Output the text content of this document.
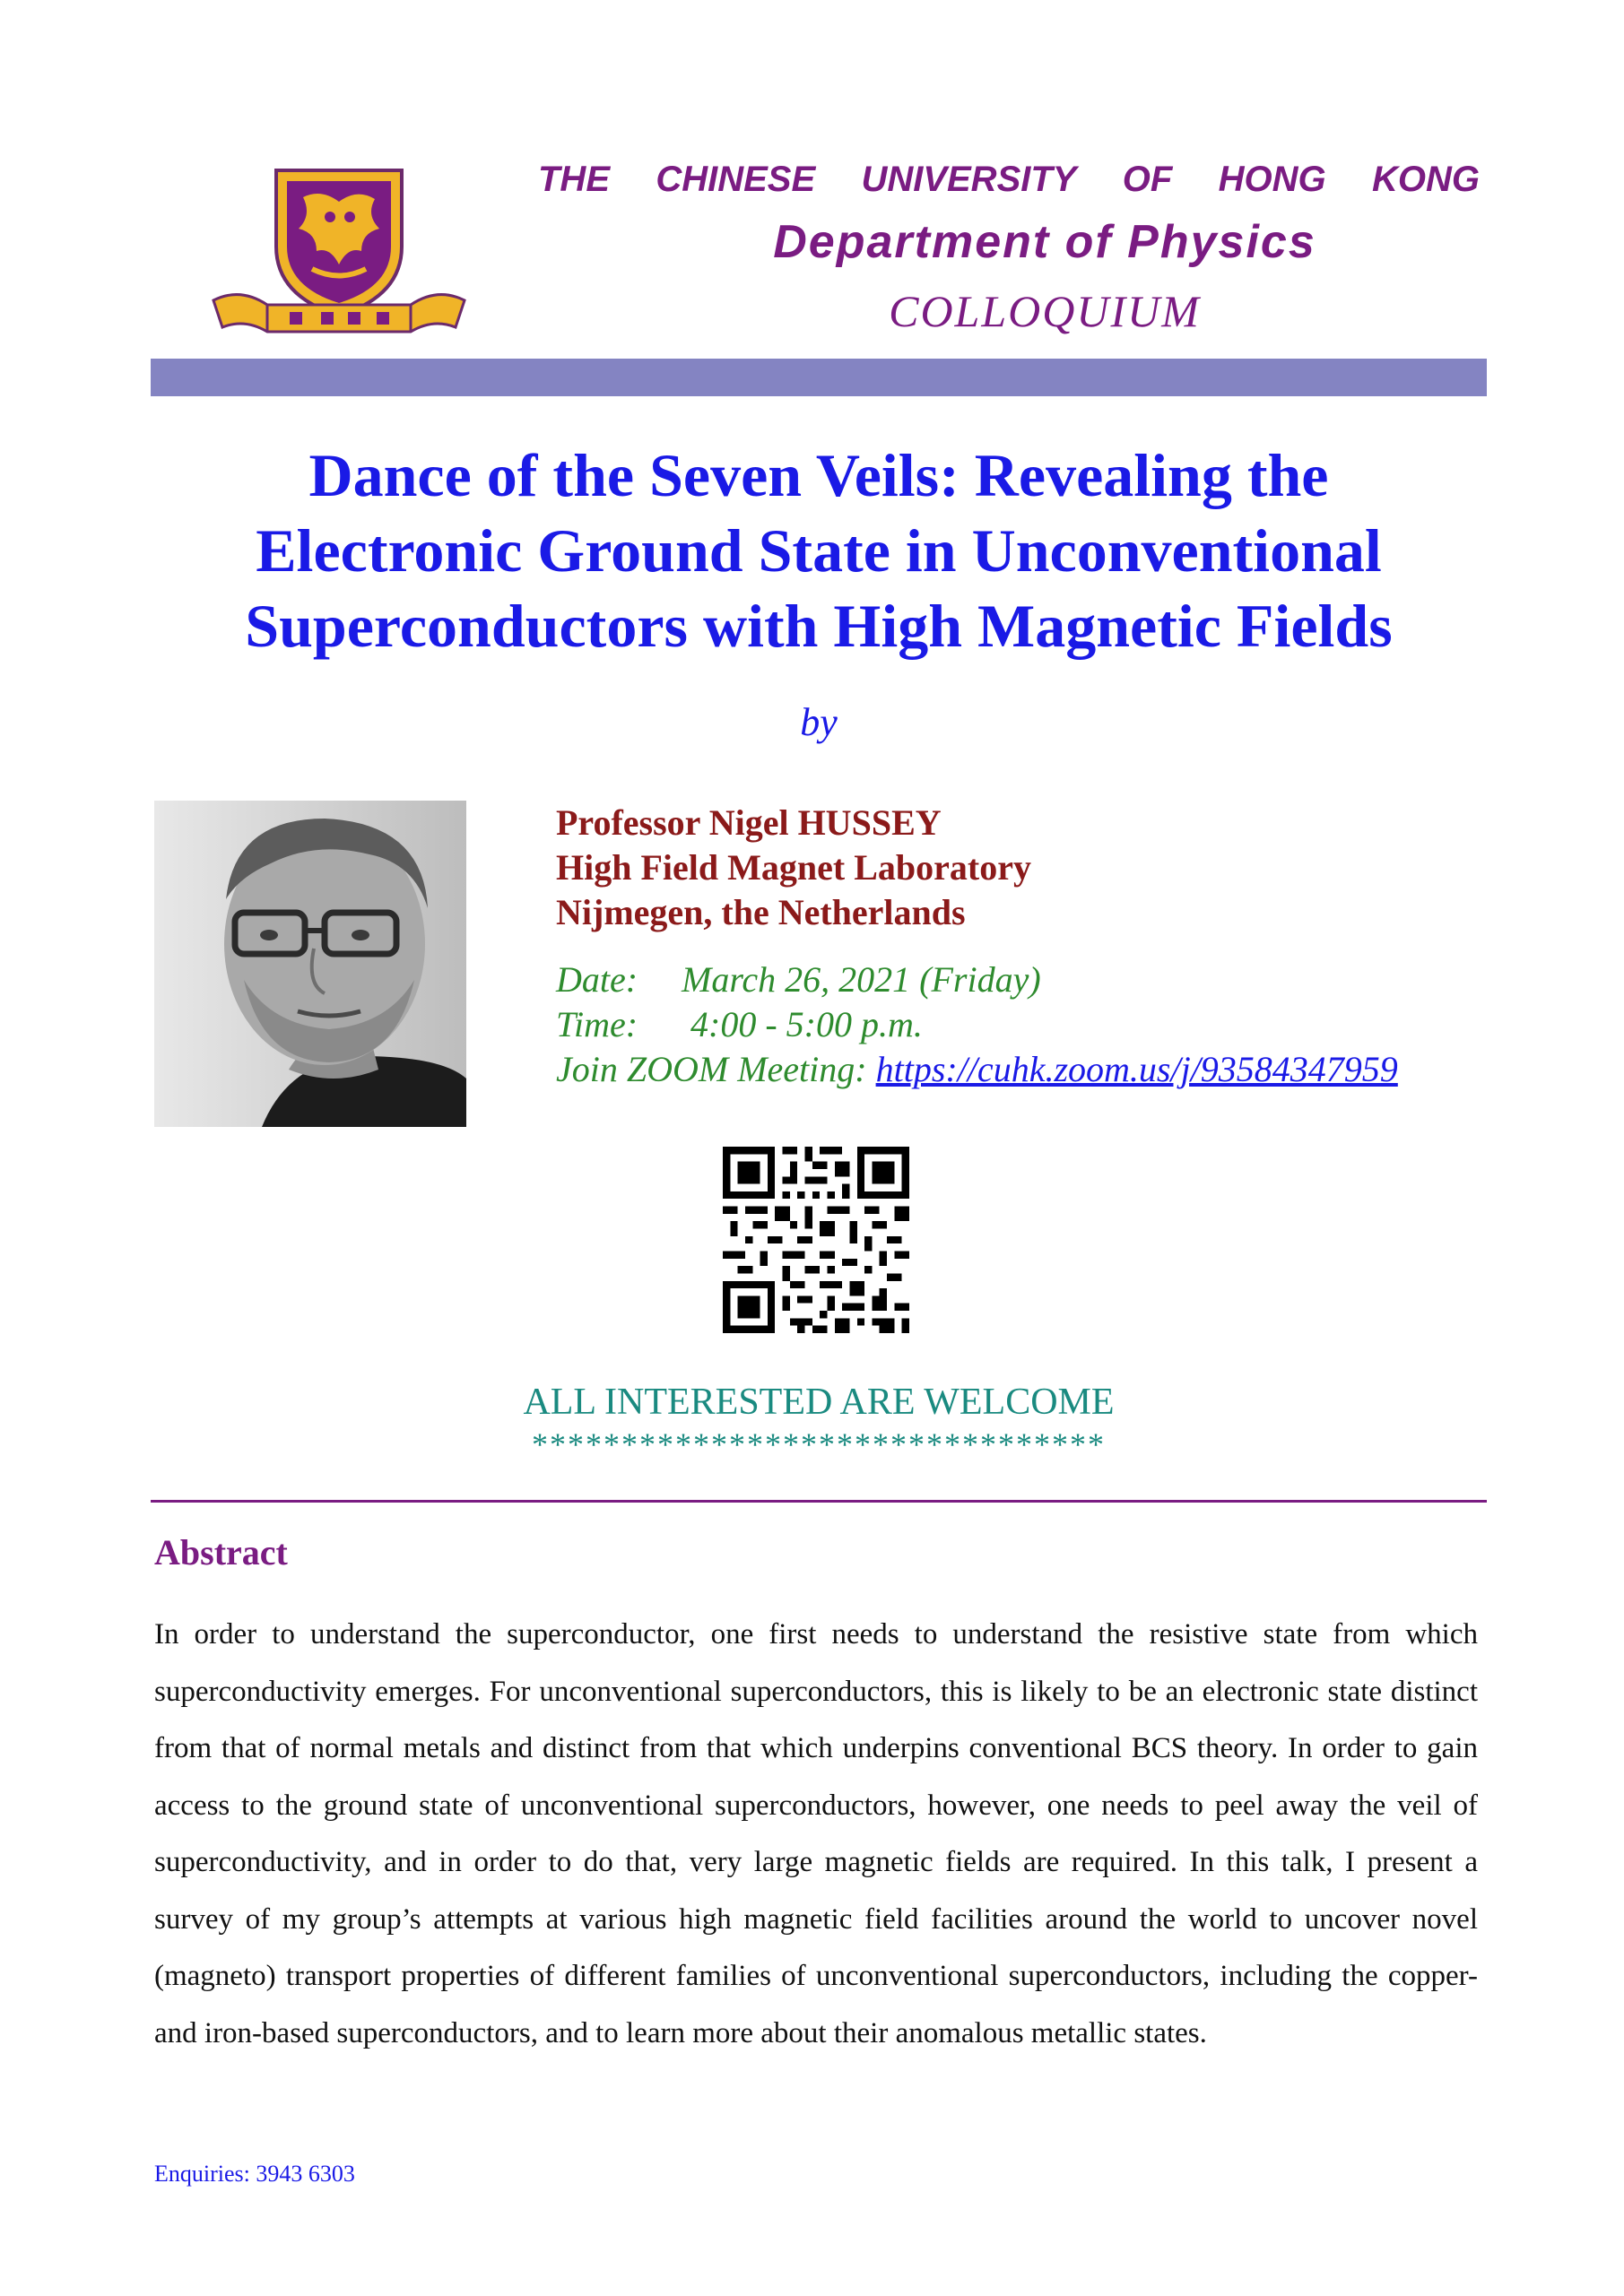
THE CHINESE UNIVERSITY OF HONG KONG
Department of Physics
COLLOQUIUM
Dance of the Seven Veils: Revealing the
Electronic Ground State in Unconventional
Superconductors with High Magnetic Fields
by
Professor Nigel HUSSEY
High Field Magnet Laboratory
Nijmegen, the Netherlands
Date: March 26, 2021 (Friday)
Time: 4:00 - 5:00 p.m.
Join ZOOM Meeting: https://cuhk.zoom.us/j/93584347959
ALL INTERESTED ARE WELCOME
********************************
Abstract
In order to understand the superconductor, one first needs to understand the resistive state from which superconductivity emerges. For unconventional superconductors, this is likely to be an electronic state distinct from that of normal metals and distinct from that which underpins conventional BCS theory. In order to gain access to the ground state of unconventional superconductors, however, one needs to peel away the veil of superconductivity, and in order to do that, very large magnetic fields are required. In this talk, I present a survey of my group’s attempts at various high magnetic field facilities around the world to uncover novel (magneto) transport properties of different families of unconventional superconductors, including the copper- and iron-based superconductors, and to learn more about their anomalous metallic states.
Enquiries: 3943 6303
